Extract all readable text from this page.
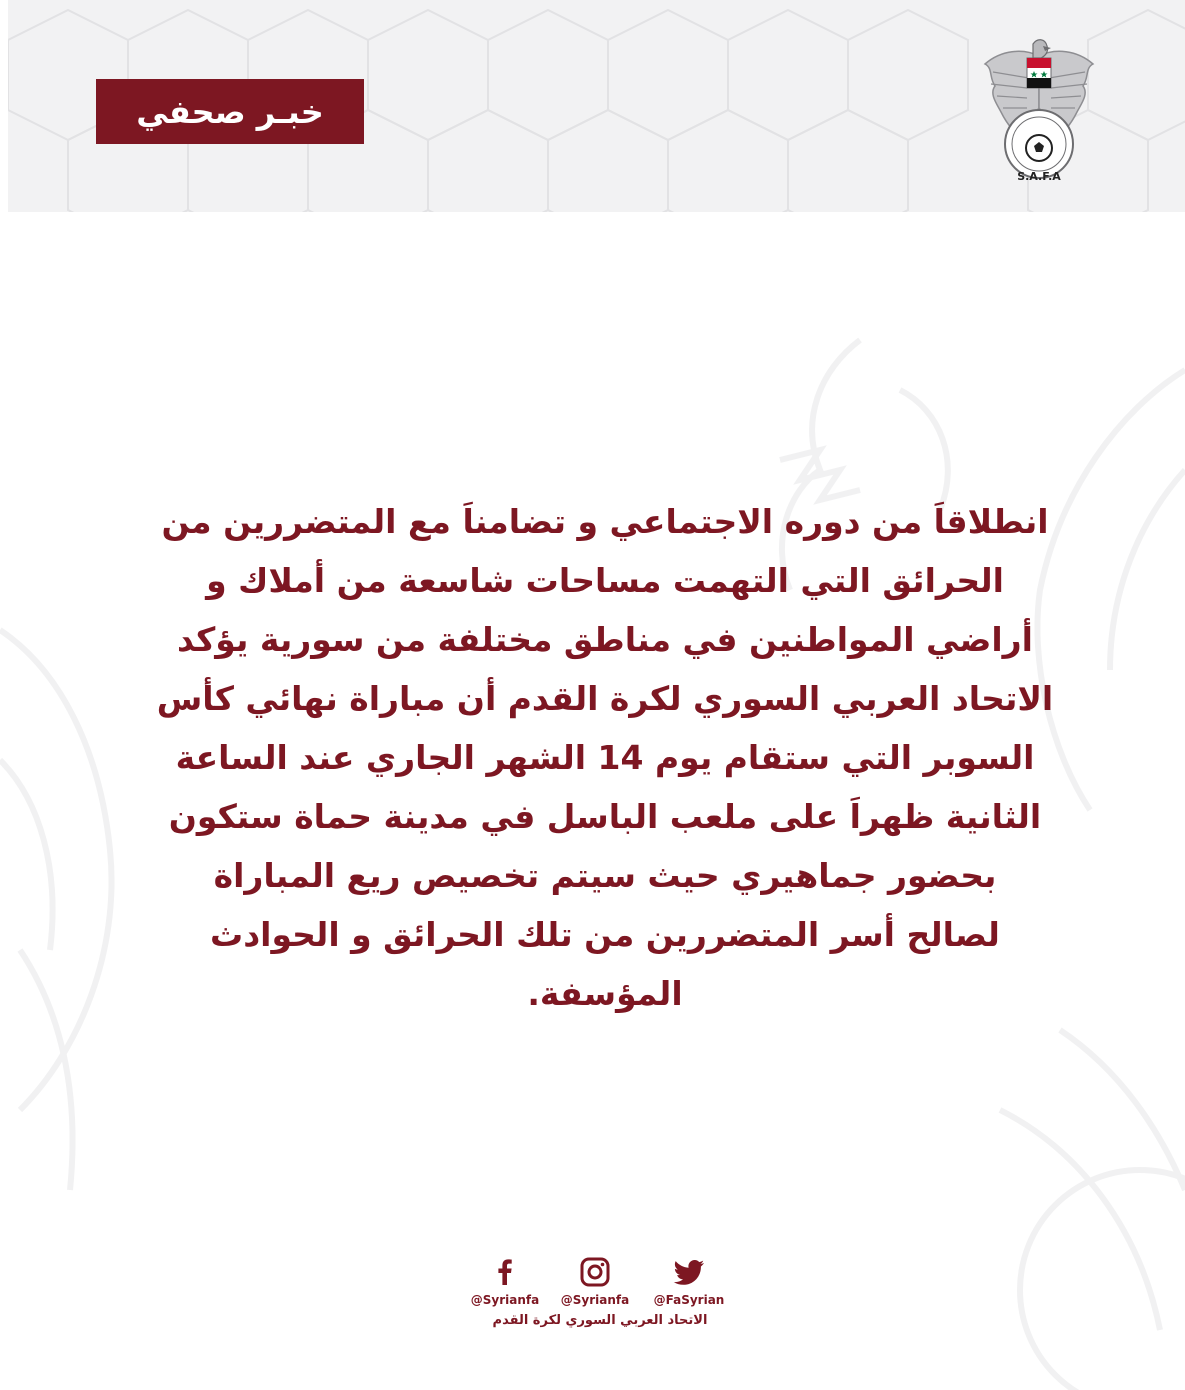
خبـر صحفي
S.A.F.A

انطلاقاَ من دوره الاجتماعي و تضامناَ مع المتضررين من

الحرائق التي التهمت مساحات شاسعة من أملاك و

أراضي المواطنين في مناطق مختلفة من سورية يؤكد

الاتحاد العربي السوري لكرة القدم أن مباراة نهائي كأس

السوبر التي ستقام يوم 14 الشهر الجاري عند الساعة

الثانية ظهراَ على ملعب الباسل في مدينة حماة ستكون

بحضور جماهيري حيث سيتم تخصيص ريع المباراة

لصالح أسر المتضررين من تلك الحرائق و الحوادث

المؤسفة.

@Syrianfa	@Syrianfa	@FaSyrian
الاتحاد العربي السوري لكرة القدم
